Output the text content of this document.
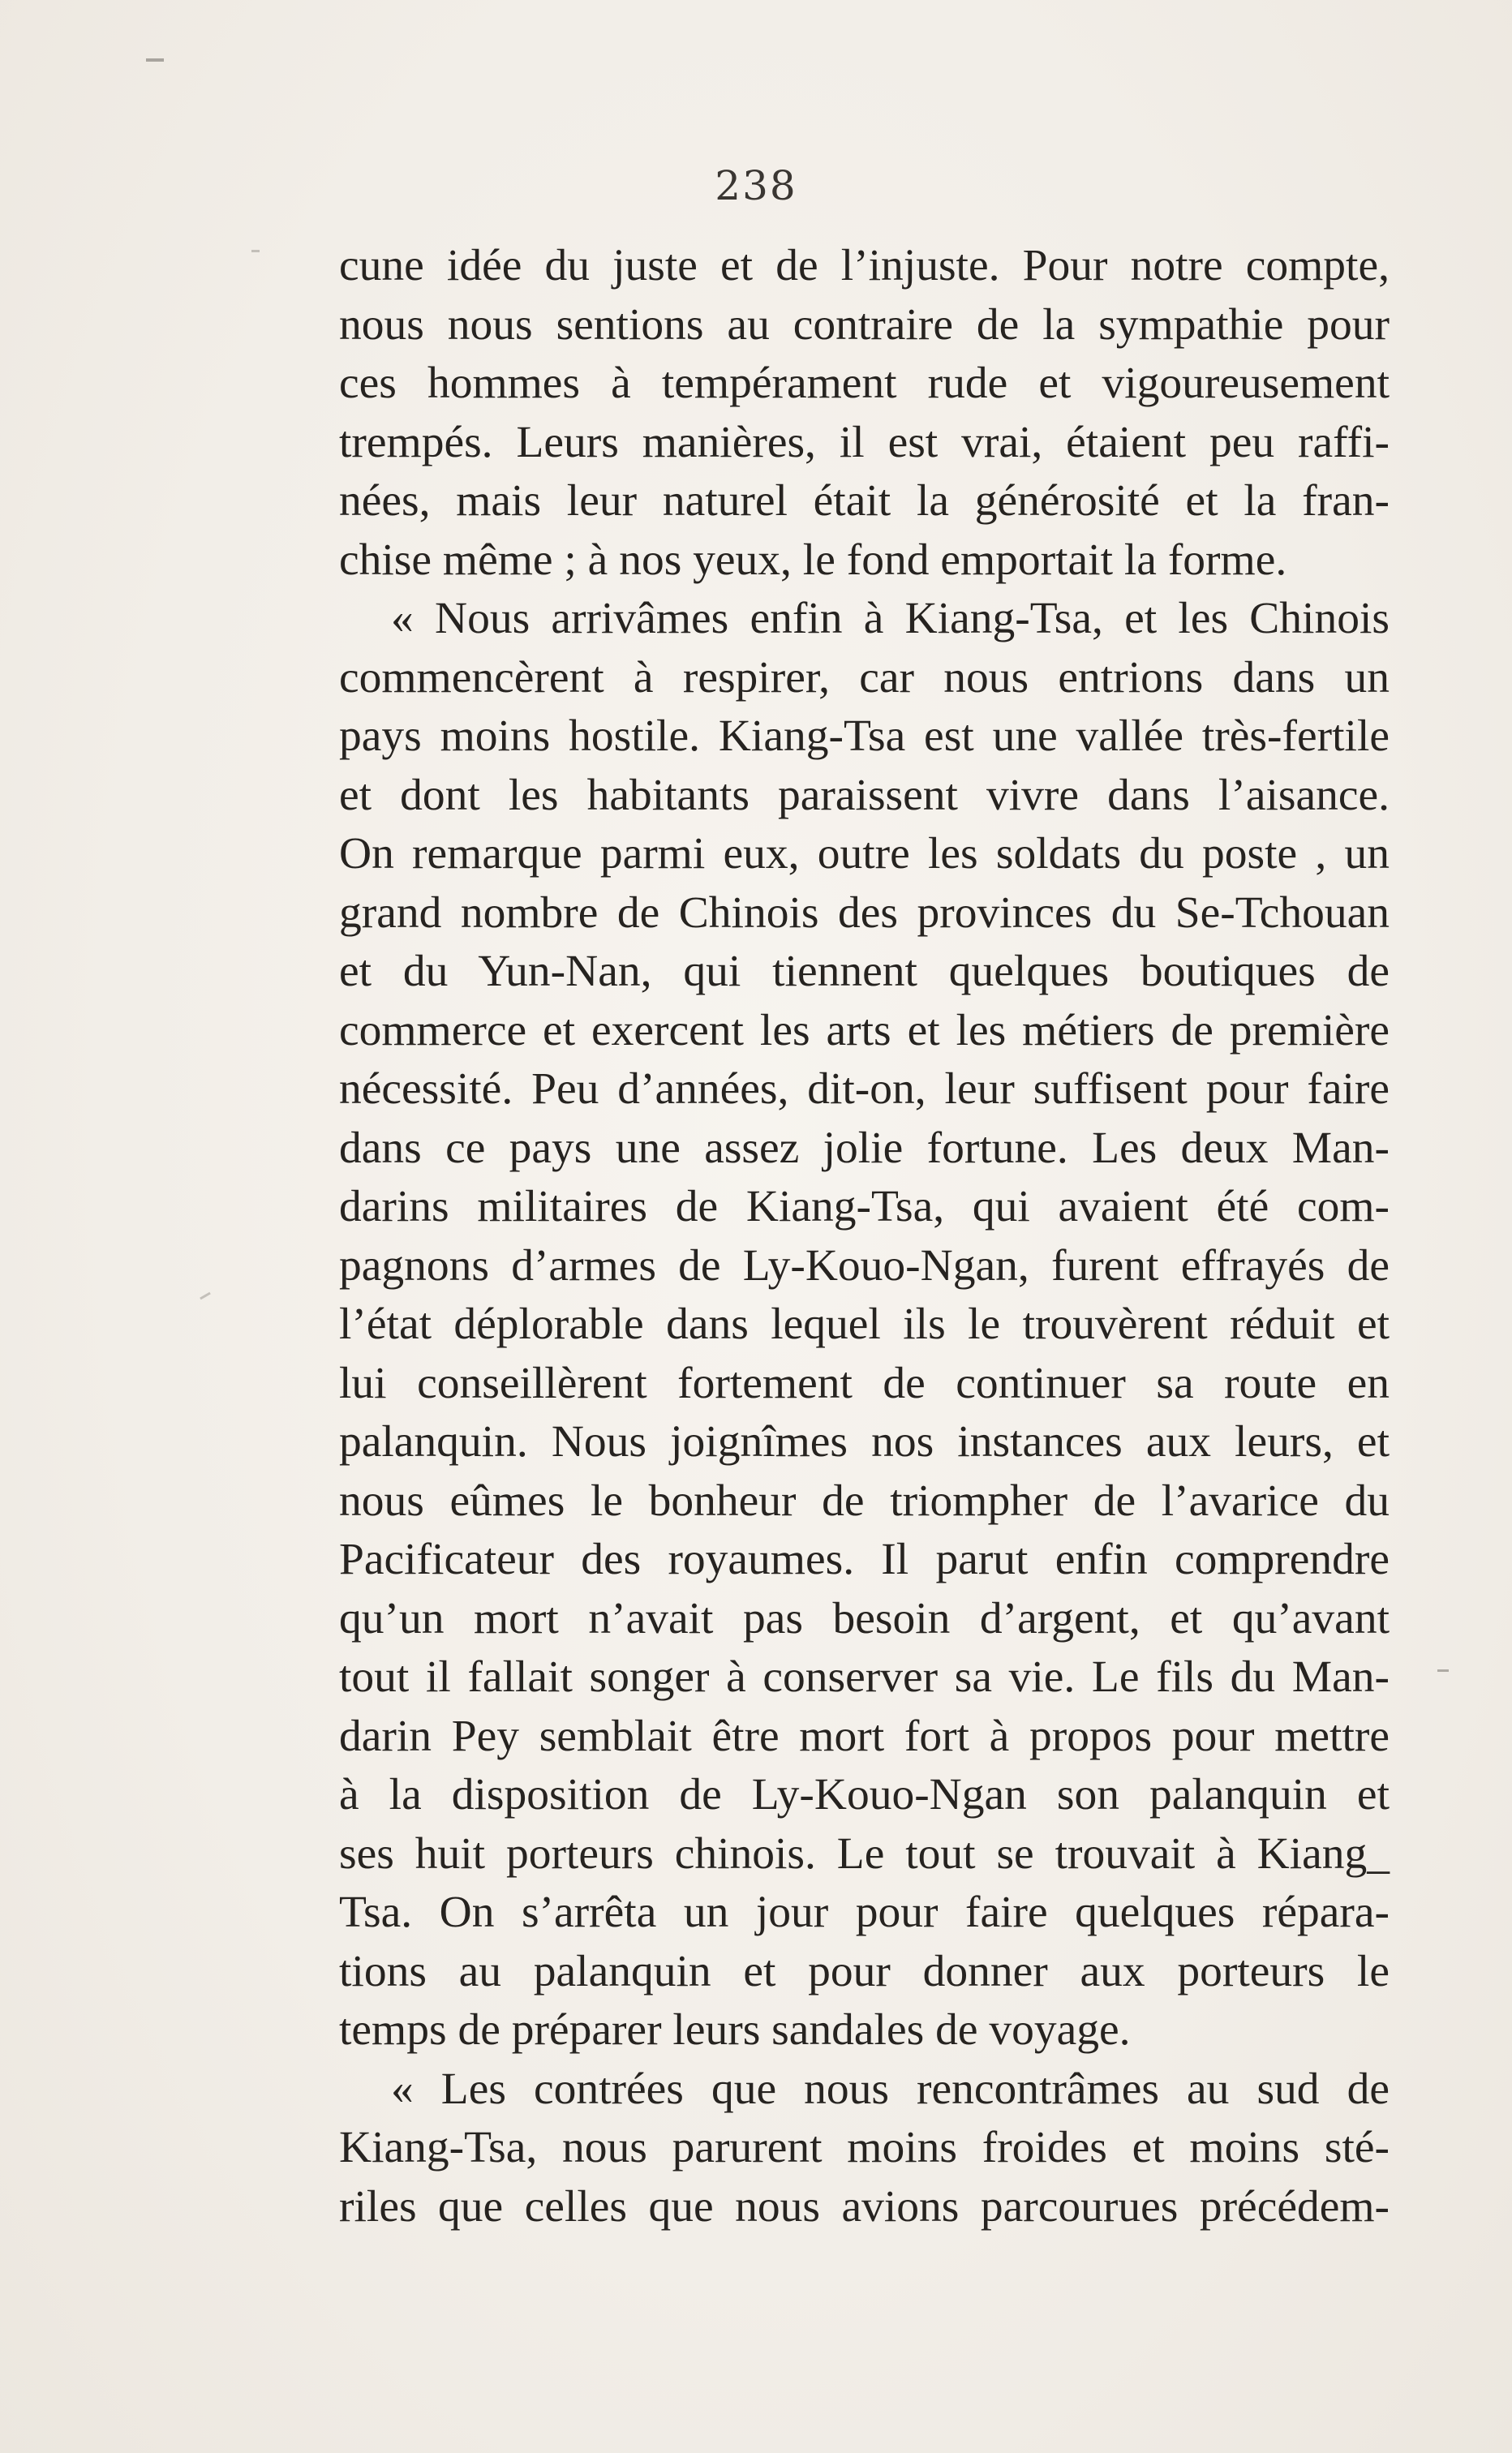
238
cune idée du juste et de l’injuste. Pour notre compte,
nous nous sentions au contraire de la sympathie pour
ces hommes à tempérament rude et vigoureusement
trempés. Leurs manières, il est vrai, étaient peu raffi-
nées, mais leur naturel était la générosité et la fran-
chise même ; à nos yeux, le fond emportait la forme.
« Nous arrivâmes enfin à Kiang-Tsa, et les Chinois
commencèrent à respirer, car nous entrions dans un
pays moins hostile. Kiang-Tsa est une vallée très-fertile
et dont les habitants paraissent vivre dans l’aisance.
On remarque parmi eux, outre les soldats du poste , un
grand nombre de Chinois des provinces du Se-Tchouan
et du Yun-Nan, qui tiennent quelques boutiques de
commerce et exercent les arts et les métiers de première
nécessité. Peu d’années, dit-on, leur suffisent pour faire
dans ce pays une assez jolie fortune. Les deux Man-
darins militaires de Kiang-Tsa, qui avaient été com-
pagnons d’armes de Ly-Kouo-Ngan, furent effrayés de
l’état déplorable dans lequel ils le trouvèrent réduit et
lui conseillèrent fortement de continuer sa route en
palanquin. Nous joignîmes nos instances aux leurs, et
nous eûmes le bonheur de triompher de l’avarice du
Pacificateur des royaumes. Il parut enfin comprendre
qu’un mort n’avait pas besoin d’argent, et qu’avant
tout il fallait songer à conserver sa vie. Le fils du Man-
darin Pey semblait être mort fort à propos pour mettre
à la disposition de Ly-Kouo-Ngan son palanquin et
ses huit porteurs chinois. Le tout se trouvait à Kiang_
Tsa. On s’arrêta un jour pour faire quelques répara-
tions au palanquin et pour donner aux porteurs le
temps de préparer leurs sandales de voyage.
« Les contrées que nous rencontrâmes au sud de
Kiang-Tsa, nous parurent moins froides et moins sté-
riles que celles que nous avions parcourues précédem-
